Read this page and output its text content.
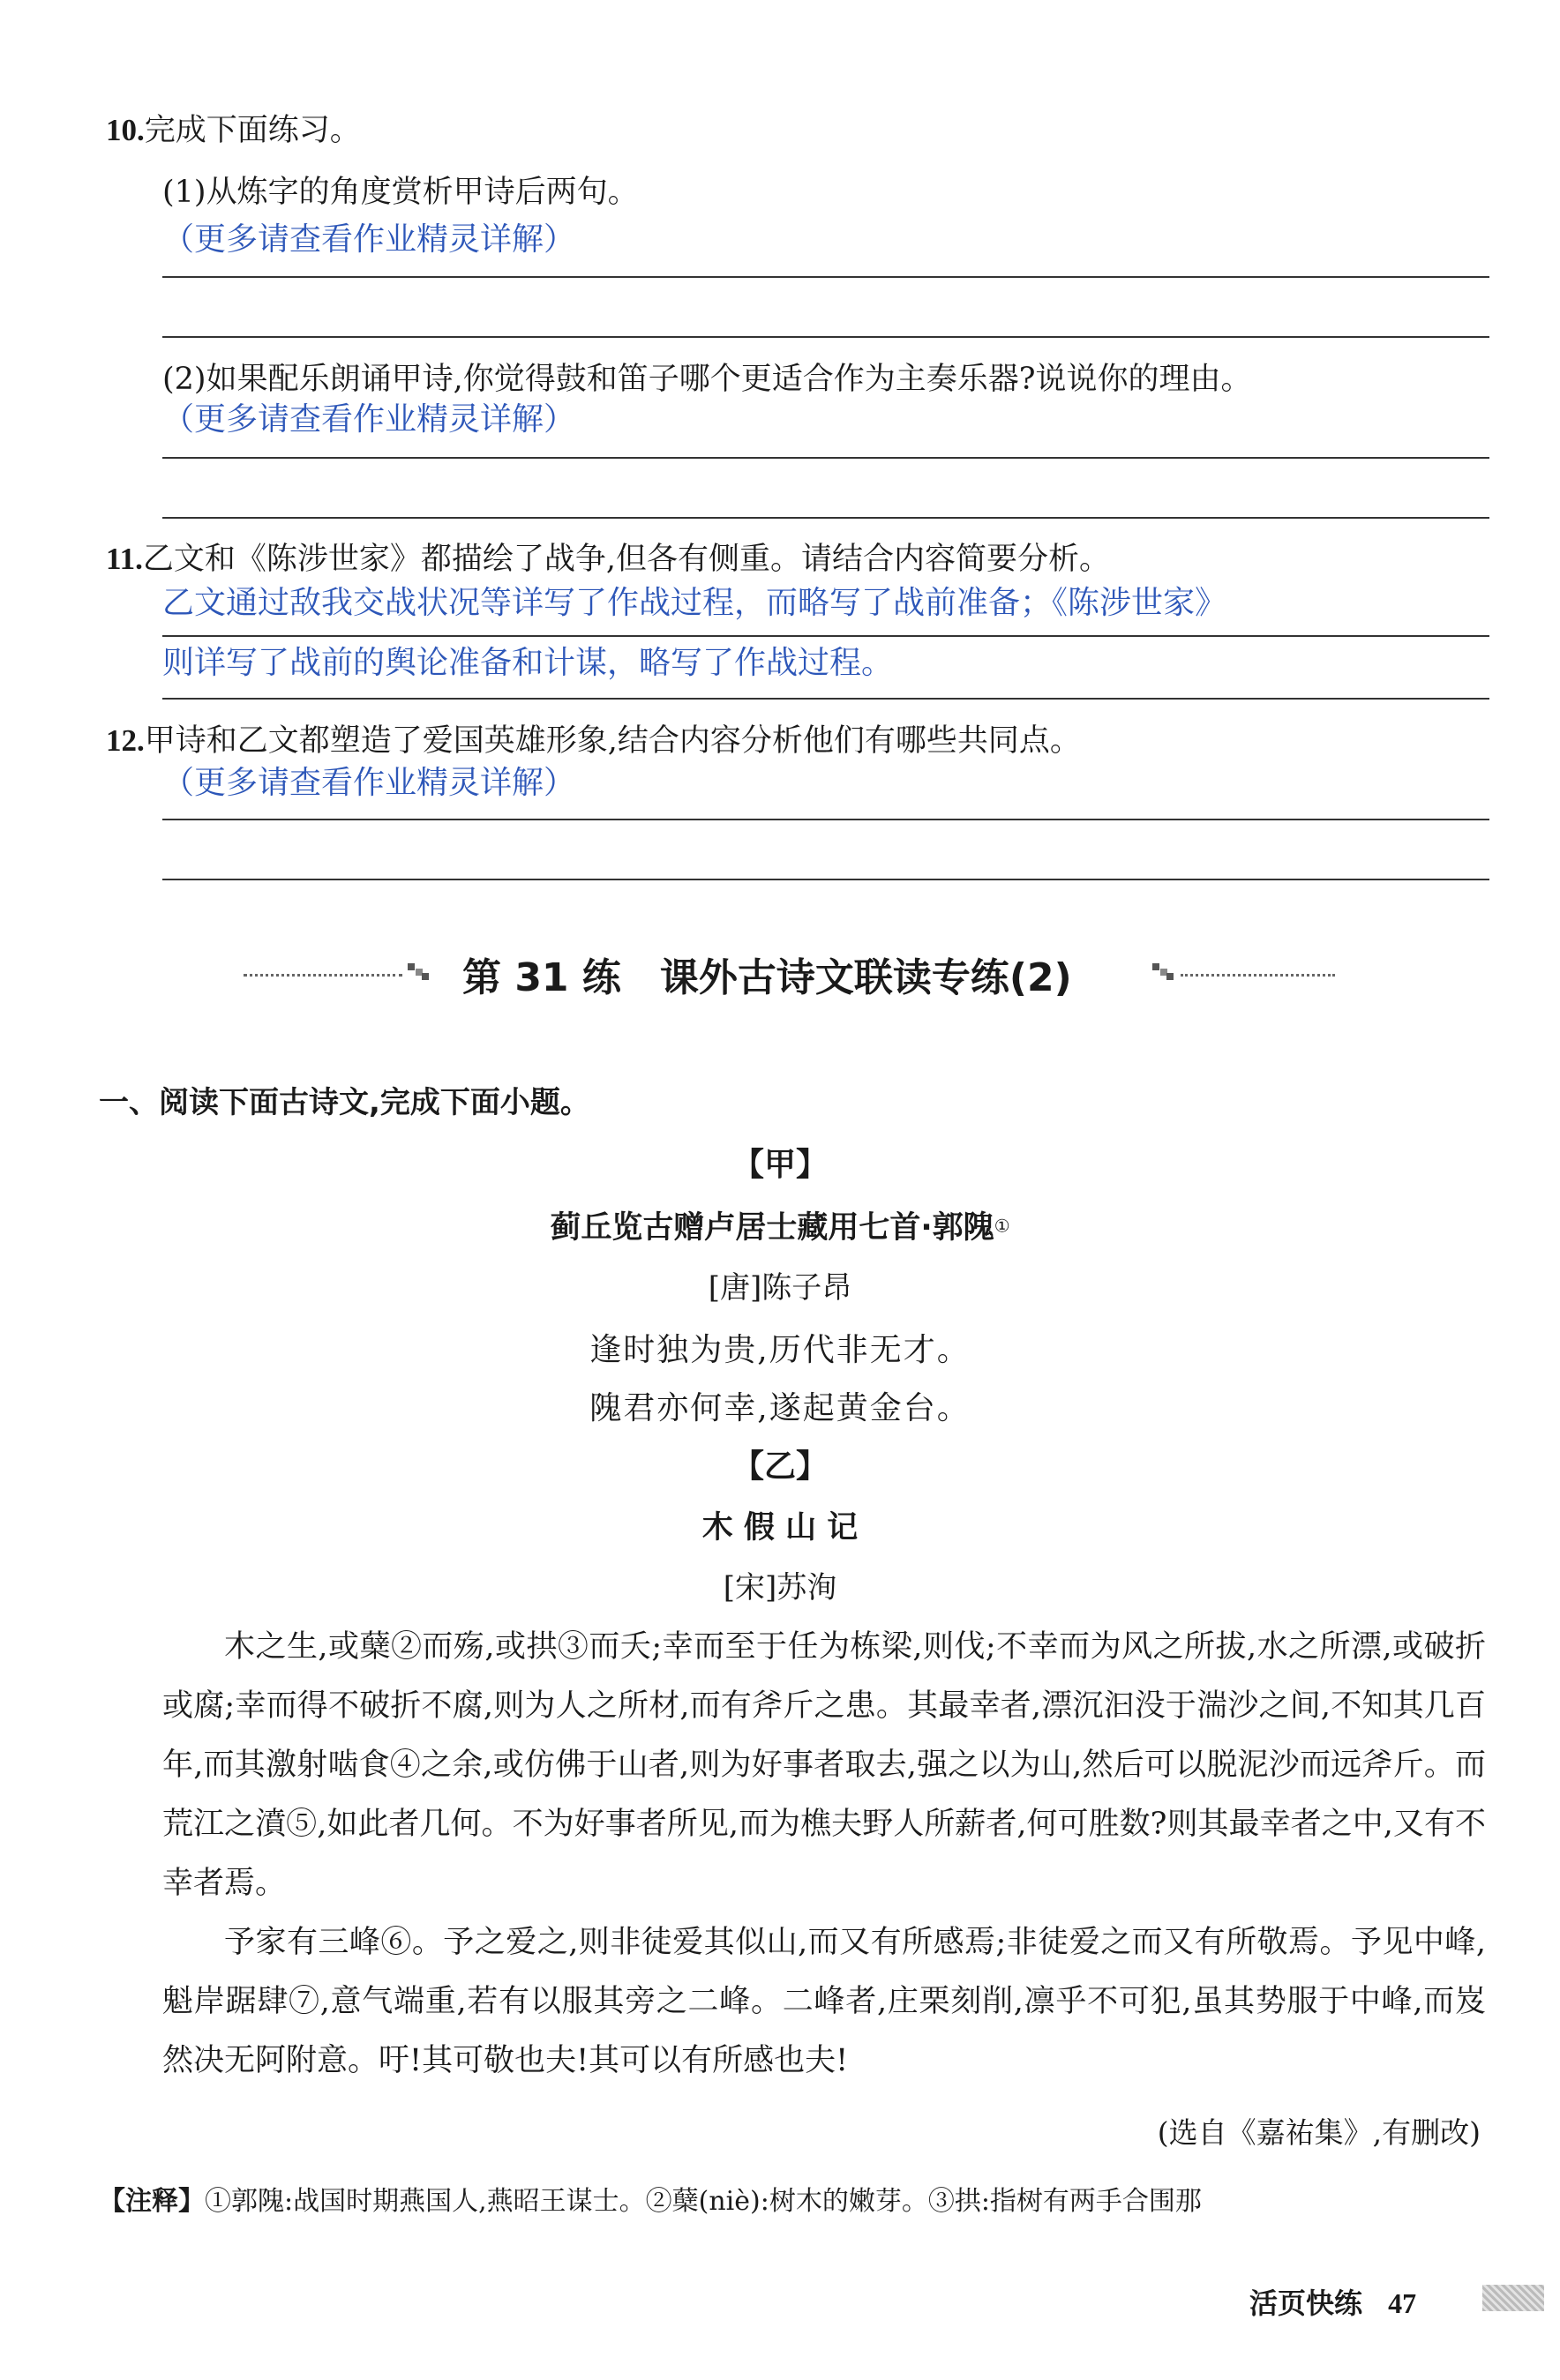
10.完成下面练习。
(1)从炼字的角度赏析甲诗后两句。
（更多请查看作业精灵详解）
(2)如果配乐朗诵甲诗,你觉得鼓和笛子哪个更适合作为主奏乐器?说说你的理由。
（更多请查看作业精灵详解）
11.乙文和《陈涉世家》都描绘了战争,但各有侧重。请结合内容简要分析。
乙文通过敌我交战状况等详写了作战过程，而略写了战前准备；《陈涉世家》
则详写了战前的舆论准备和计谋，略写了作战过程。
12.甲诗和乙文都塑造了爱国英雄形象,结合内容分析他们有哪些共同点。
（更多请查看作业精灵详解）
第 31 练　课外古诗文联读专练(2)
一、阅读下面古诗文,完成下面小题。
【甲】
蓟丘览古赠卢居士藏用七首·郭隗①
[唐]陈子昂
逢时独为贵,历代非无才。
隗君亦何幸,遂起黄金台。
【乙】
木 假 山 记
[宋]苏洵

木之生,或蘖②而殇,或拱③而夭;幸而至于任为栋梁,则伐;不幸而为风之所拔,水之所漂,或破折或腐;幸而得不破折不腐,则为人之所材,而有斧斤之患。其最幸者,漂沉汩没于湍沙之间,不知其几百年,而其激射啮食④之余,或仿佛于山者,则为好事者取去,强之以为山,然后可以脱泥沙而远斧斤。而荒江之濆⑤,如此者几何。不为好事者所见,而为樵夫野人所薪者,何可胜数?则其最幸者之中,又有不幸者焉。

予家有三峰⑥。予之爱之,则非徒爱其似山,而又有所感焉;非徒爱之而又有所敬焉。予见中峰,魁岸踞肆⑦,意气端重,若有以服其旁之二峰。二峰者,庄栗刻削,凛乎不可犯,虽其势服于中峰,而岌然决无阿附意。吁!其可敬也夫!其可以有所感也夫!

(选自《嘉祐集》,有删改)
【注释】①郭隗:战国时期燕国人,燕昭王谋士。②蘖(niè):树木的嫩芽。③拱:指树有两手合围那
活页快练 47
